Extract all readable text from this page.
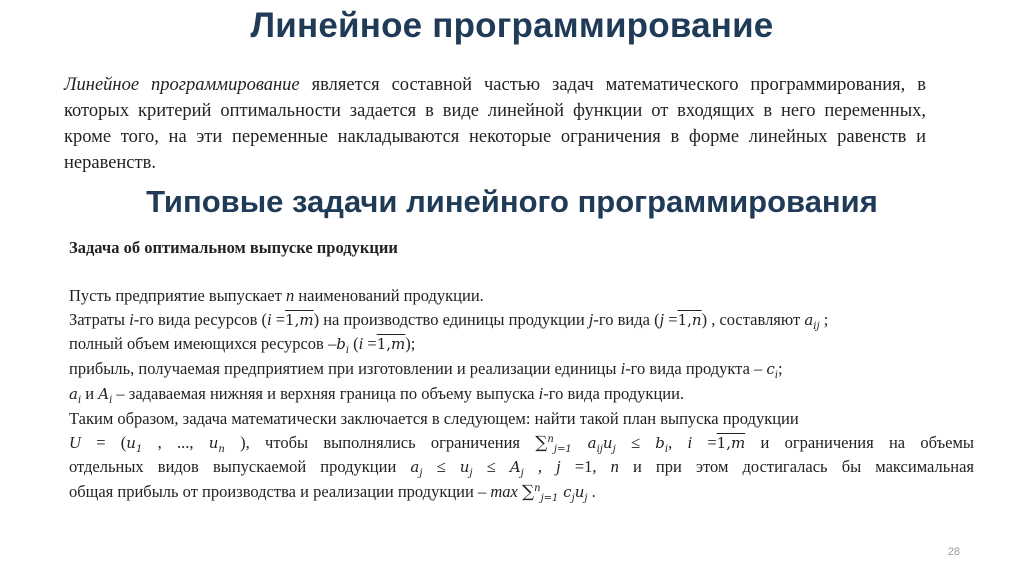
Линейное программирование
Линейное программирование является составной частью задач математического программирования, в которых критерий оптимальности задается в виде линейной функции от входящих в него переменных, кроме того, на эти переменные накладываются некоторые ограничения в форме линейных равенств и неравенств.
Типовые задачи линейного программирования
Задача об оптимальном выпуске продукции
Пусть предприятие выпускает n наименований продукции.
Затраты i-го вида ресурсов $(i =1,\overline{m})$ на производство единицы продукции j-го вида $(j =1,\overline{n})$ , составляют $a_{ij}$ ;
полный объем имеющихся ресурсов $-b_i$ $(i =1,\overline{m})$;
прибыль, получаемая предприятием при изготовлении и реализации единицы i-го вида продукта – $c_i$;
$a_i$ и $A_i$ – задаваемая нижняя и верхняя граница по объему выпуска i-го вида продукции.
Таким образом, задача математически заключается в следующем: найти такой план выпуска продукции
$U = (u_1$ , ..., $u_n$ ), чтобы выполнялись ограничения ∑$^n_{j=1}$ $a_{ij}u_j \le b_i$, $i =1,\overline{m}$ и ограничения на объемы
отдельных видов выпускаемой продукции $a_j \le u_j \le A_j$ , j =1, n и при этом достигалась бы максимальная
общая прибыль от производства и реализации продукции – max ∑$^n_{j=1}$ $c_ju_j$ .
28
